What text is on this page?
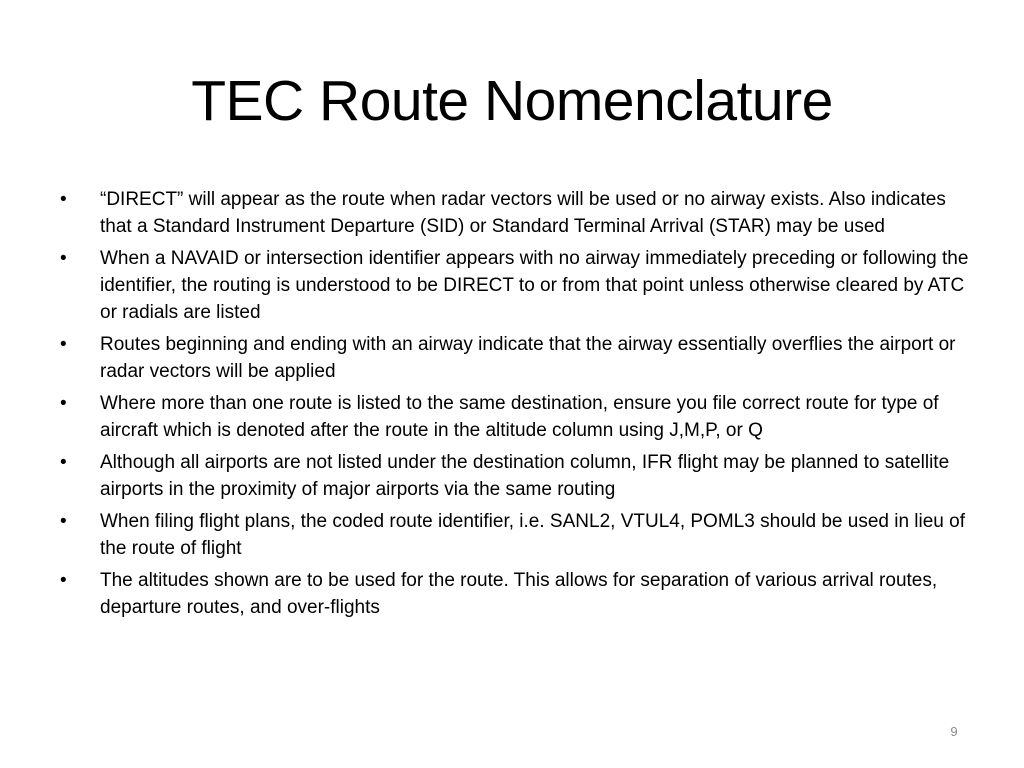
TEC Route Nomenclature
• “DIRECT” will appear as the route when radar vectors will be used or no airway exists. Also indicates that a Standard Instrument Departure (SID) or Standard Terminal Arrival (STAR) may be used
• When a NAVAID or intersection identifier appears with no airway immediately preceding or following the identifier, the routing is understood to be DIRECT to or from that point unless otherwise cleared by ATC or radials are listed
• Routes beginning and ending with an airway indicate that the airway essentially overflies the airport or radar vectors will be applied
• Where more than one route is listed to the same destination, ensure you file correct route for type of aircraft which is denoted after the route in the altitude column using J,M,P, or Q
• Although all airports are not listed under the destination column, IFR flight may be planned to satellite airports in the proximity of major airports via the same routing
• When filing flight plans, the coded route identifier, i.e. SANL2, VTUL4, POML3 should be used in lieu of the route of flight
• The altitudes shown are to be used for the route. This allows for separation of various arrival routes, departure routes, and over-flights
9
